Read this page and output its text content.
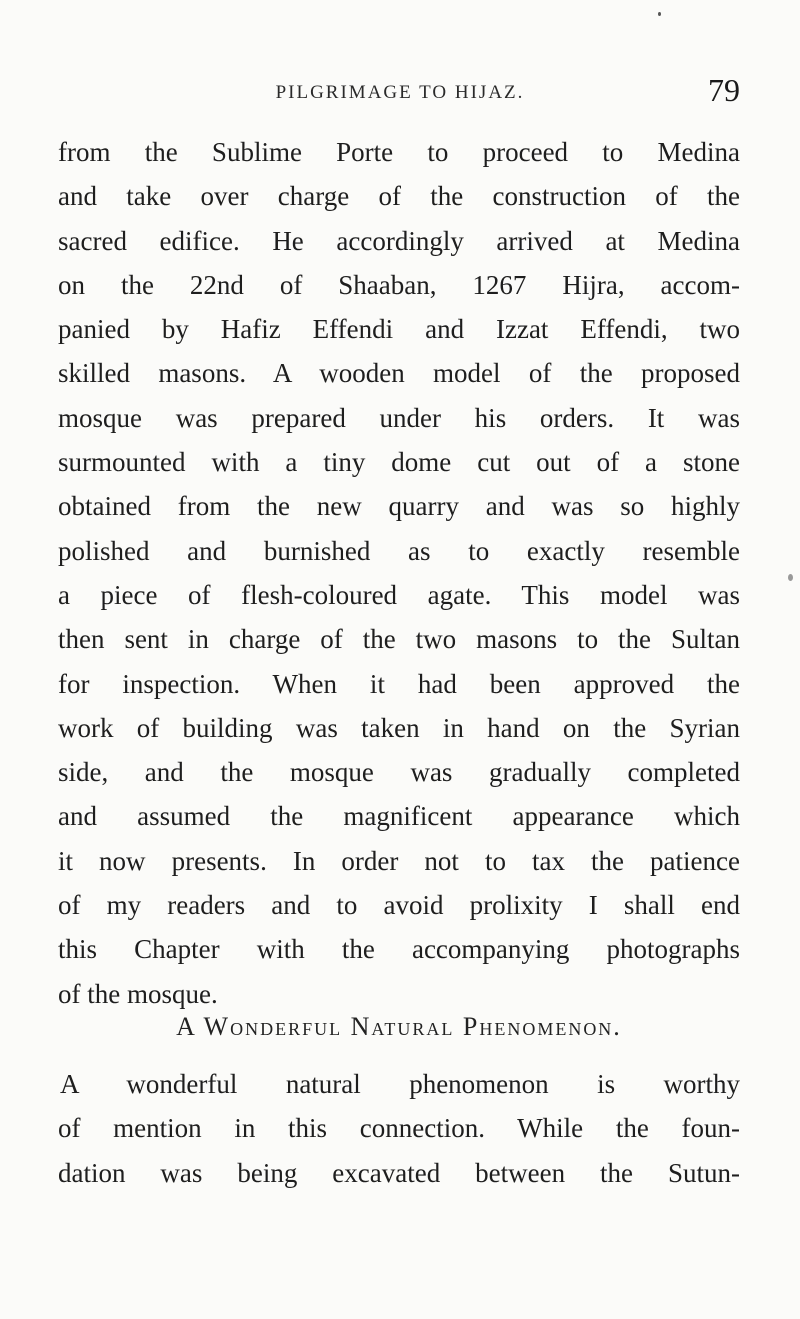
PILGRIMAGE TO HIJAZ.	79
from the Sublime Porte to proceed to Medina
and take over charge of the construction of the
sacred edifice. He accordingly arrived at Medina
on the 22nd of Shaaban, 1267 Hijra, accom-
panied by Hafiz Effendi and Izzat Effendi, two
skilled masons. A wooden model of the proposed
mosque was prepared under his orders. It was
surmounted with a tiny dome cut out of a stone
obtained from the new quarry and was so highly
polished and burnished as to exactly resemble
a piece of flesh-coloured agate. This model was
then sent in charge of the two masons to the Sultan
for inspection. When it had been approved the
work of building was taken in hand on the Syrian
side, and the mosque was gradually completed
and assumed the magnificent appearance which
it now presents. In order not to tax the patience
of my readers and to avoid prolixity I shall end
this Chapter with the accompanying photographs
of the mosque.
A Wonderful Natural Phenomenon.
A wonderful natural phenomenon is worthy
of mention in this connection. While the foun-
dation was being excavated between the Sutun-
